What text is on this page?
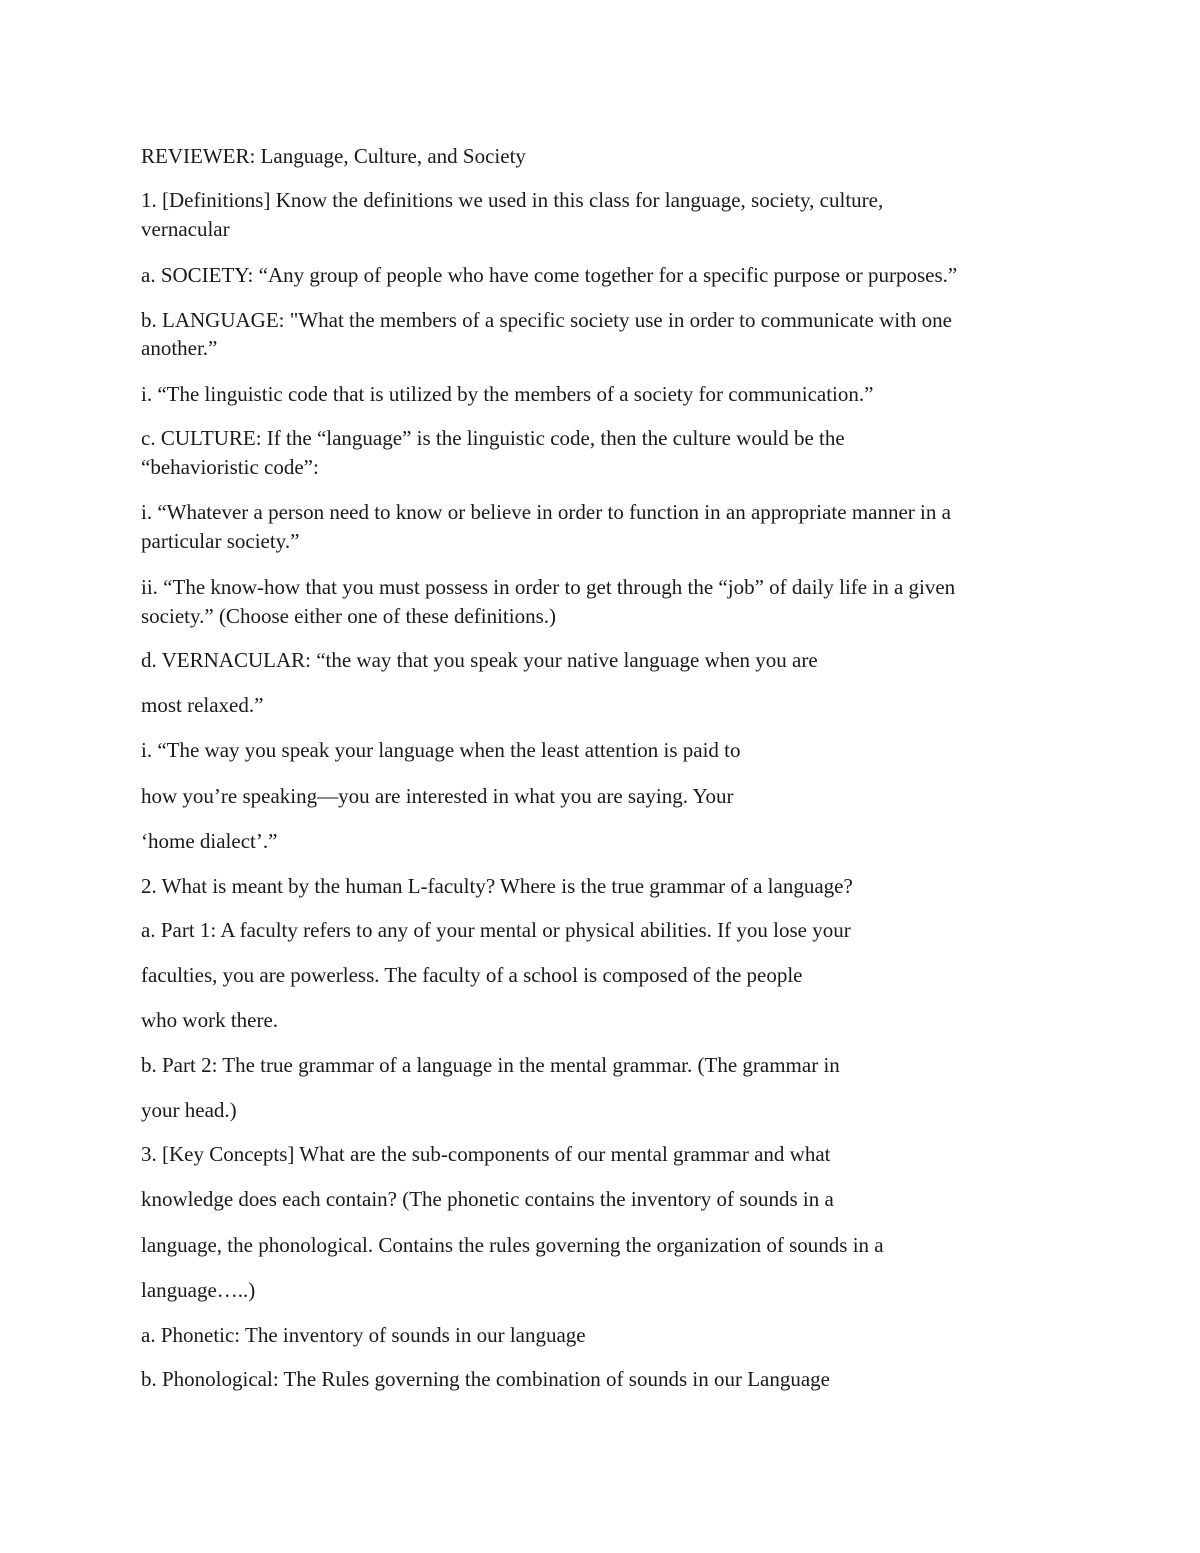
REVIEWER: Language, Culture, and Society

1. [Definitions] Know the definitions we used in this class for language, society, culture,

vernacular

a. SOCIETY: “Any group of people who have come together for a specific purpose or purposes.”

b. LANGUAGE: "What the members of a specific society use in order to communicate with one

another.”

i. “The linguistic code that is utilized by the members of a society for communication.”

c. CULTURE: If the “language” is the linguistic code, then the culture would be the

“behavioristic code”:

i. “Whatever a person need to know or believe in order to function in an appropriate manner in a

particular society.”

ii. “The know-how that you must possess in order to get through the “job” of daily life in a given

society.” (Choose either one of these definitions.)

d. VERNACULAR: “the way that you speak your native language when you are

most relaxed.”

i. “The way you speak your language when the least attention is paid to

how you’re speaking—you are interested in what you are saying. Your

‘home dialect’.”

2. What is meant by the human L-faculty? Where is the true grammar of a language?

a. Part 1: A faculty refers to any of your mental or physical abilities. If you lose your

faculties, you are powerless. The faculty of a school is composed of the people

who work there.

b. Part 2: The true grammar of a language in the mental grammar. (The grammar in

your head.)

3. [Key Concepts] What are the sub-components of our mental grammar and what

knowledge does each contain? (The phonetic contains the inventory of sounds in a

language, the phonological. Contains the rules governing the organization of sounds in a

language…..)

a. Phonetic: The inventory of sounds in our language

b. Phonological: The Rules governing the combination of sounds in our Language
